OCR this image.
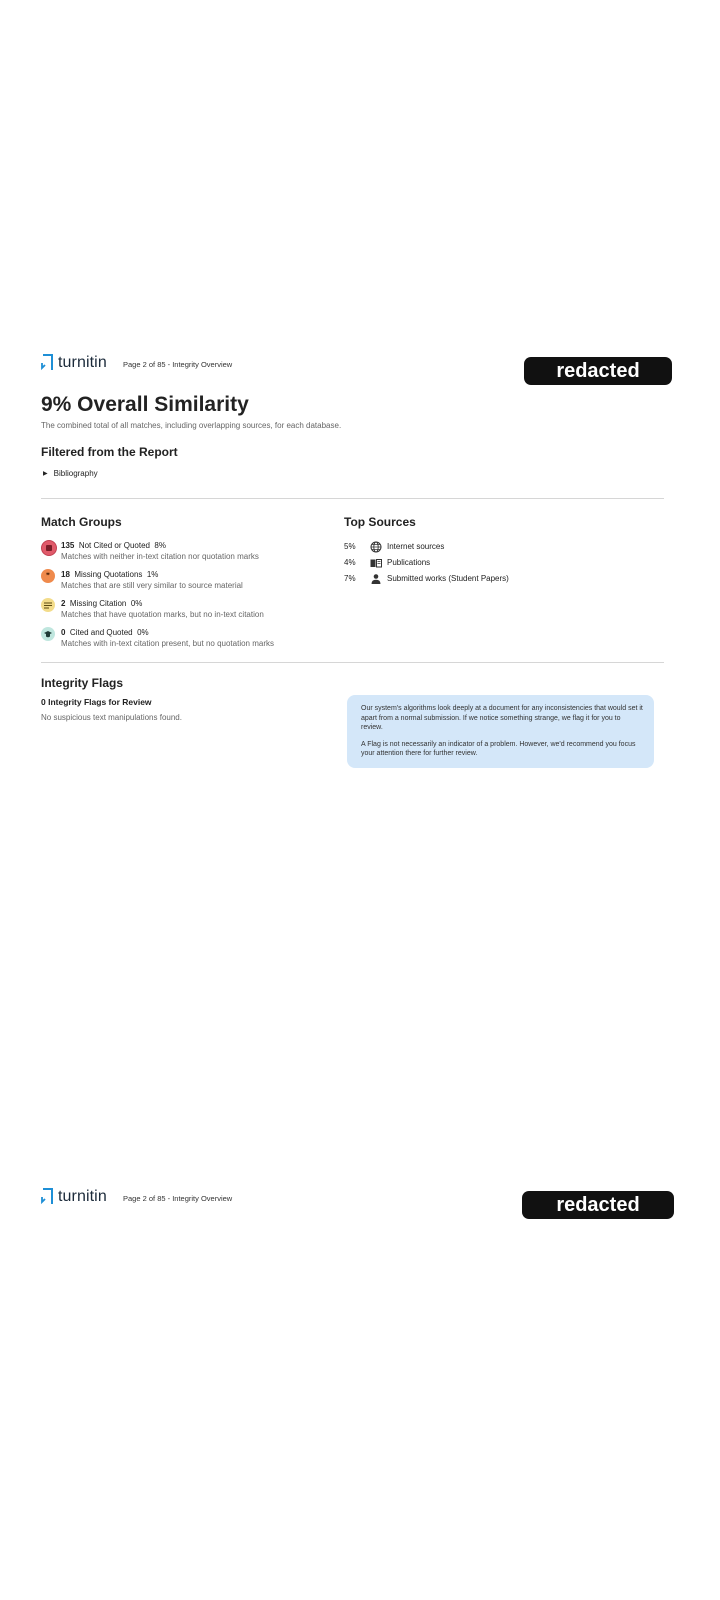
turnitin Page 2 of 85 - Integrity Overview	redacted
9% Overall Similarity
The combined total of all matches, including overlapping sources, for each database.
Filtered from the Report
▶ Bibliography
Match Groups
135 Not Cited or Quoted 8%
Matches with neither in-text citation nor quotation marks
❞	18 Missing Quotations 1%
Matches that are still very similar to source material
2 Missing Citation 0%
Matches that have quotation marks, but no in-text citation
0 Cited and Quoted 0%
Matches with in-text citation present, but no quotation marks
Top Sources
5%	Internet sources
4%	Publications
7%	Submitted works (Student Papers)
Integrity Flags
0 Integrity Flags for Review
No suspicious text manipulations found.

Our system's algorithms look deeply at a document for any inconsistencies that would set it apart from a normal submission. If we notice something strange, we flag it for you to review.

A Flag is not necessarily an indicator of a problem. However, we'd recommend you focus your attention there for further review.

turnitin Page 2 of 85 - Integrity Overview	redacted
